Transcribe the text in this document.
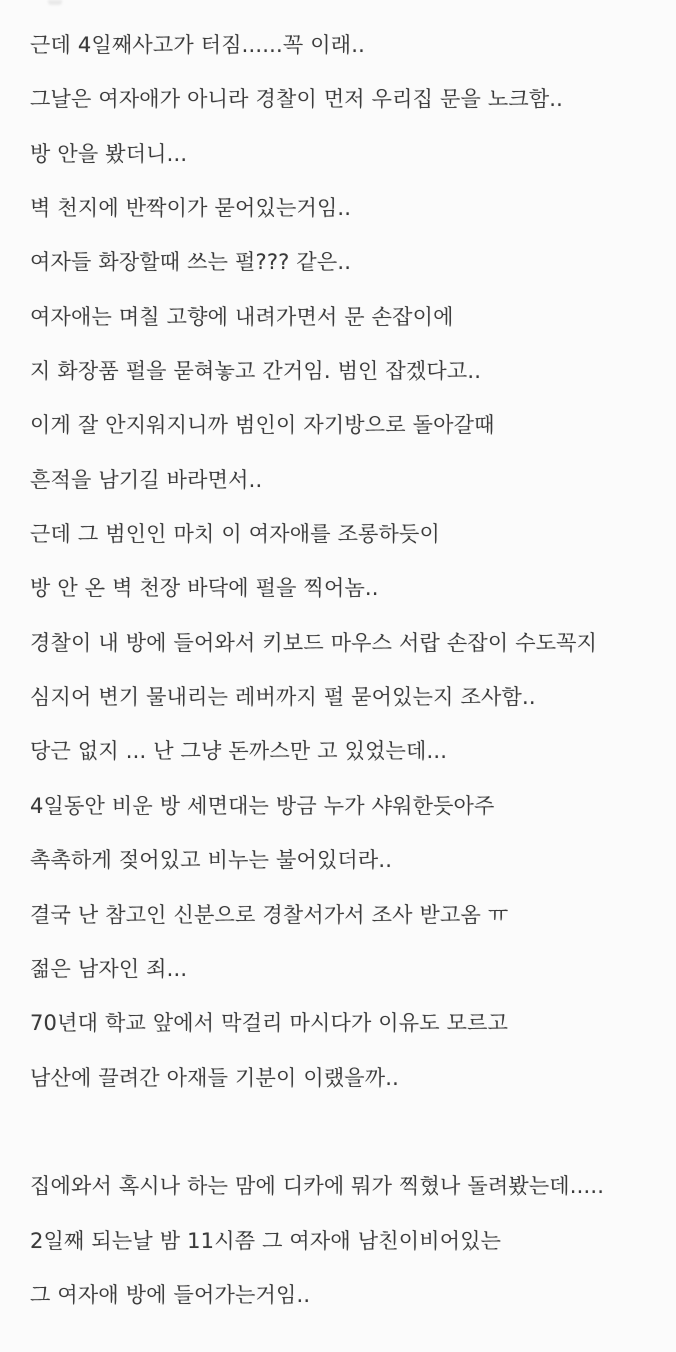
근데 4일째사고가 터짐......꼭 이래..
그날은 여자애가 아니라 경찰이 먼저 우리집 문을 노크함..
방 안을 봤더니...
벽 천지에 반짝이가 묻어있는거임..
여자들 화장할때 쓰는 펄??? 같은..
여자애는 며칠 고향에 내려가면서 문 손잡이에
지 화장품 펄을 묻혀놓고 간거임. 범인 잡겠다고..
이게 잘 안지워지니까 범인이 자기방으로 돌아갈때
흔적을 남기길 바라면서..
근데 그 범인인 마치 이 여자애를 조롱하듯이
방 안 온 벽 천장 바닥에 펄을 찍어놈..
경찰이 내 방에 들어와서 키보드 마우스 서랍 손잡이 수도꼭지
심지어 변기 물내리는 레버까지 펄 묻어있는지 조사함..
당근 없지 ... 난 그냥 돈까스만 고 있었는데...
4일동안 비운 방 세면대는 방금 누가 샤워한듯아주
촉촉하게 젖어있고 비누는 불어있더라..
결국 난 참고인 신분으로 경찰서가서 조사 받고옴 ㅠ
젊은 남자인 죄...
70년대 학교 앞에서 막걸리 마시다가 이유도 모르고
남산에 끌려간 아재들 기분이 이랬을까..
집에와서 혹시나 하는 맘에 디카에 뭐가 찍혔나 돌려봤는데.....
2일째 되는날 밤 11시쯤 그 여자애 남친이비어있는
그 여자애 방에 들어가는거임..
